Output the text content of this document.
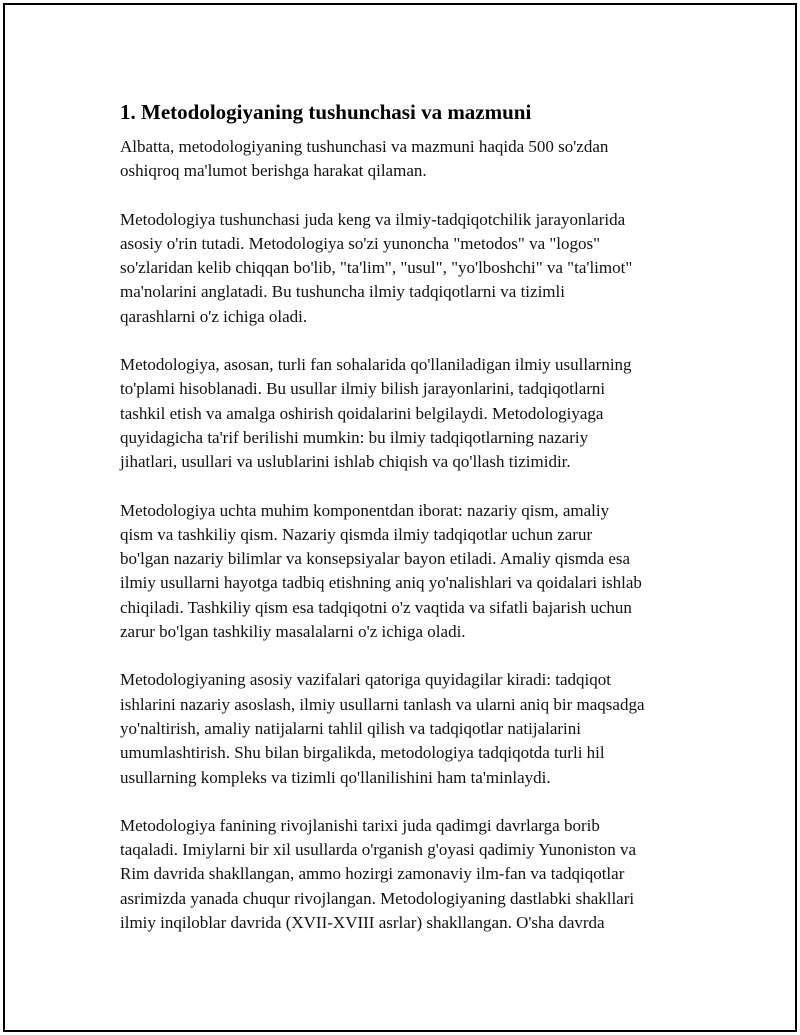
1. Metodologiyaning tushunchasi va mazmuni

Albatta, metodologiyaning tushunchasi va mazmuni haqida 500 so'zdan
oshiqroq ma'lumot berishga harakat qilaman.

Metodologiya tushunchasi juda keng va ilmiy-tadqiqotchilik jarayonlarida
asosiy o'rin tutadi. Metodologiya so'zi yunoncha "metodos" va "logos"
so'zlaridan kelib chiqqan bo'lib, "ta'lim", "usul", "yo'lboshchi" va "ta'limot"
ma'nolarini anglatadi. Bu tushuncha ilmiy tadqiqotlarni va tizimli
qarashlarni o'z ichiga oladi.

Metodologiya, asosan, turli fan sohalarida qo'llaniladigan ilmiy usullarning
to'plami hisoblanadi. Bu usullar ilmiy bilish jarayonlarini, tadqiqotlarni
tashkil etish va amalga oshirish qoidalarini belgilaydi. Metodologiyaga
quyidagicha ta'rif berilishi mumkin: bu ilmiy tadqiqotlarning nazariy
jihatlari, usullari va uslublarini ishlab chiqish va qo'llash tizimidir.

Metodologiya uchta muhim komponentdan iborat: nazariy qism, amaliy
qism va tashkiliy qism. Nazariy qismda ilmiy tadqiqotlar uchun zarur
bo'lgan nazariy bilimlar va konsepsiyalar bayon etiladi. Amaliy qismda esa
ilmiy usullarni hayotga tadbiq etishning aniq yo'nalishlari va qoidalari ishlab
chiqiladi. Tashkiliy qism esa tadqiqotni o'z vaqtida va sifatli bajarish uchun
zarur bo'lgan tashkiliy masalalarni o'z ichiga oladi.

Metodologiyaning asosiy vazifalari qatoriga quyidagilar kiradi: tadqiqot
ishlarini nazariy asoslash, ilmiy usullarni tanlash va ularni aniq bir maqsadga
yo'naltirish, amaliy natijalarni tahlil qilish va tadqiqotlar natijalarini
umumlashtirish. Shu bilan birgalikda, metodologiya tadqiqotda turli hil
usullarning kompleks va tizimli qo'llanilishini ham ta'minlaydi.

Metodologiya fanining rivojlanishi tarixi juda qadimgi davrlarga borib
taqaladi. Imiylarni bir xil usullarda o'rganish g'oyasi qadimiy Yunoniston va
Rim davrida shakllangan, ammo hozirgi zamonaviy ilm-fan va tadqiqotlar
asrimizda yanada chuqur rivojlangan. Metodologiyaning dastlabki shakllari
ilmiy inqiloblar davrida (XVII-XVIII asrlar) shakllangan. O'sha davrda
